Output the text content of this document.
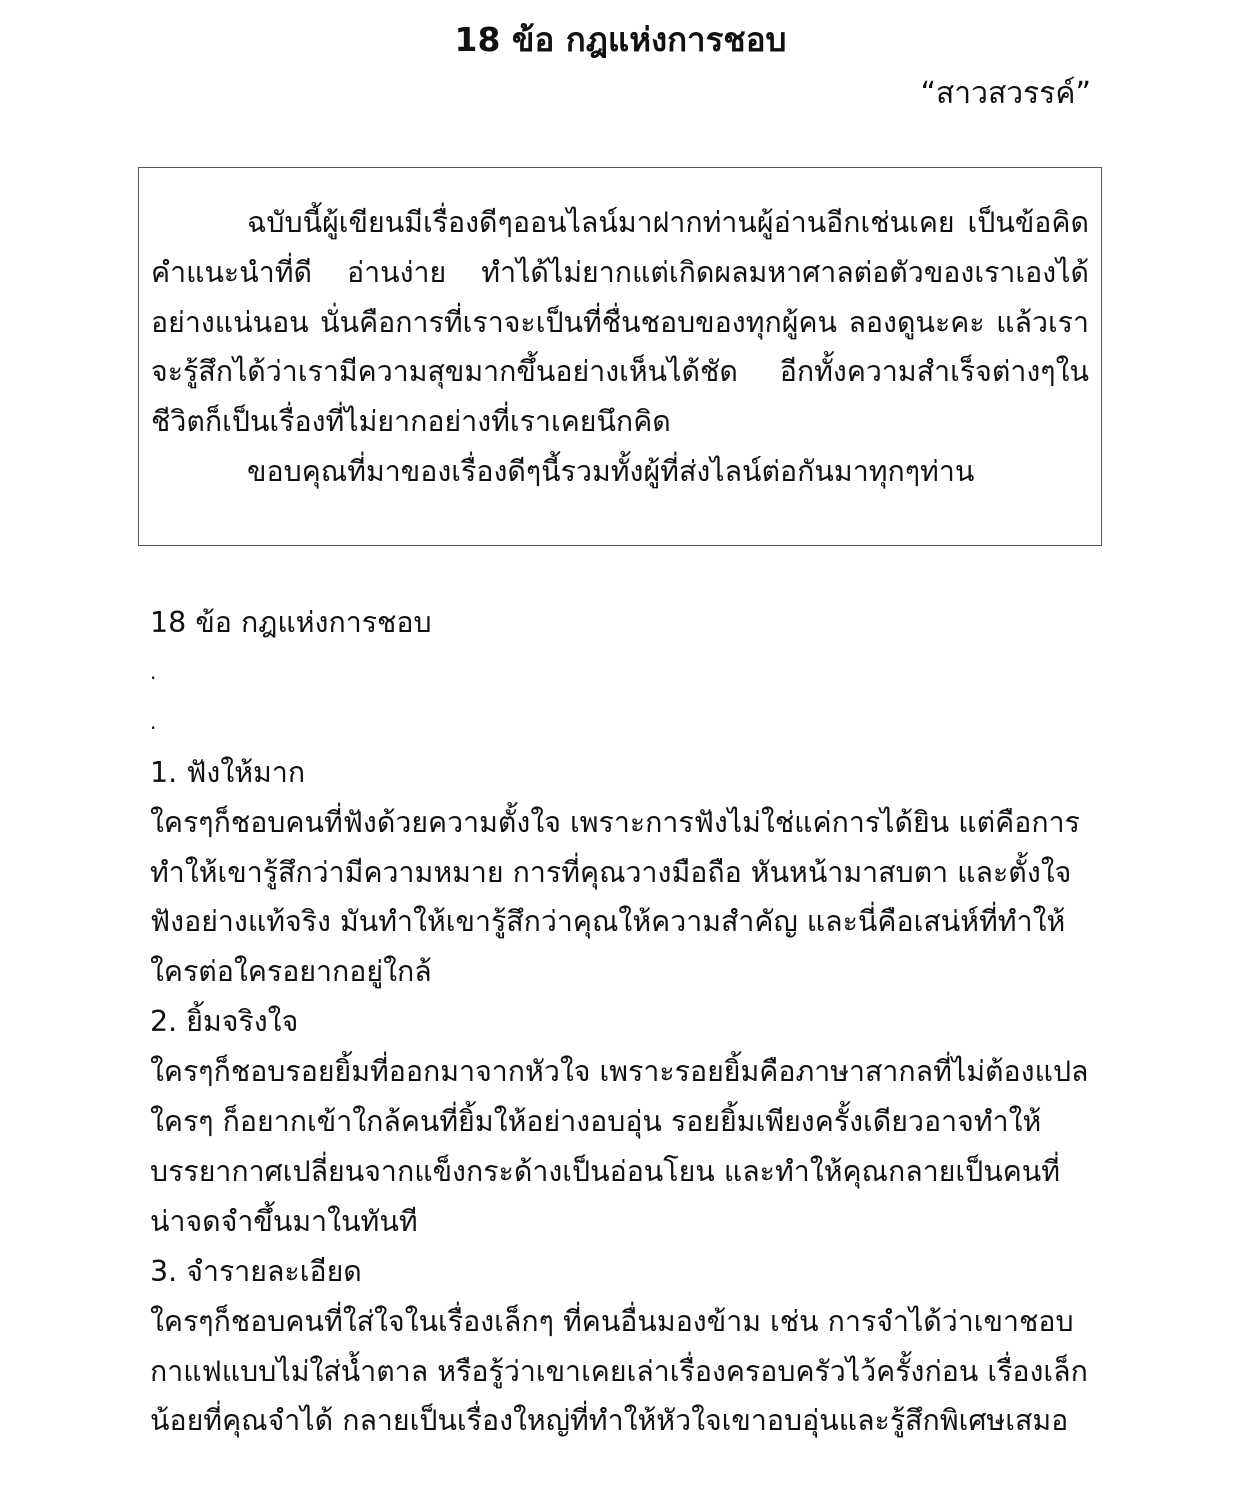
18 ข้อ กฎแห่งการชอบ
“สาวสวรรค์”

ฉบับนี้ผู้เขียนมีเรื่องดีๆออนไลน์มาฝากท่านผู้อ่านอีกเช่นเคย เป็นข้อคิดคำแนะนำที่ดี อ่านง่าย ทำได้ไม่ยากแต่เกิดผลมหาศาลต่อตัวของเราเองได้อย่างแน่นอน นั่นคือการที่เราจะเป็นที่ชื่นชอบของทุกผู้คน ลองดูนะคะ แล้วเราจะรู้สึกได้ว่าเรามีความสุขมากขึ้นอย่างเห็นได้ชัด อีกทั้งความสำเร็จต่างๆในชีวิตก็เป็นเรื่องที่ไม่ยากอย่างที่เราเคยนึกคิด

ขอบคุณที่มาของเรื่องดีๆนี้รวมทั้งผู้ที่ส่งไลน์ต่อกันมาทุกๆท่าน

18 ข้อ กฎแห่งการชอบ

.
.

1. ฟังให้มาก

ใครๆก็ชอบคนที่ฟังด้วยความตั้งใจ เพราะการฟังไม่ใช่แค่การได้ยิน แต่คือการทำให้เขารู้สึกว่ามีความหมาย การที่คุณวางมือถือ หันหน้ามาสบตา และตั้งใจฟังอย่างแท้จริง มันทำให้เขารู้สึกว่าคุณให้ความสำคัญ และนี่คือเสน่ห์ที่ทำให้ใครต่อใครอยากอยู่ใกล้

2. ยิ้มจริงใจ

ใครๆก็ชอบรอยยิ้มที่ออกมาจากหัวใจ เพราะรอยยิ้มคือภาษาสากลที่ไม่ต้องแปลใครๆ ก็อยากเข้าใกล้คนที่ยิ้มให้อย่างอบอุ่น รอยยิ้มเพียงครั้งเดียวอาจทำให้บรรยากาศเปลี่ยนจากแข็งกระด้างเป็นอ่อนโยน และทำให้คุณกลายเป็นคนที่น่าจดจำขึ้นมาในทันที

3. จำรายละเอียด

ใครๆก็ชอบคนที่ใส่ใจในเรื่องเล็กๆ ที่คนอื่นมองข้าม เช่น การจำได้ว่าเขาชอบกาแฟแบบไม่ใส่น้ำตาล หรือรู้ว่าเขาเคยเล่าเรื่องครอบครัวไว้ครั้งก่อน เรื่องเล็กน้อยที่คุณจำได้ กลายเป็นเรื่องใหญ่ที่ทำให้หัวใจเขาอบอุ่นและรู้สึกพิเศษเสมอ
